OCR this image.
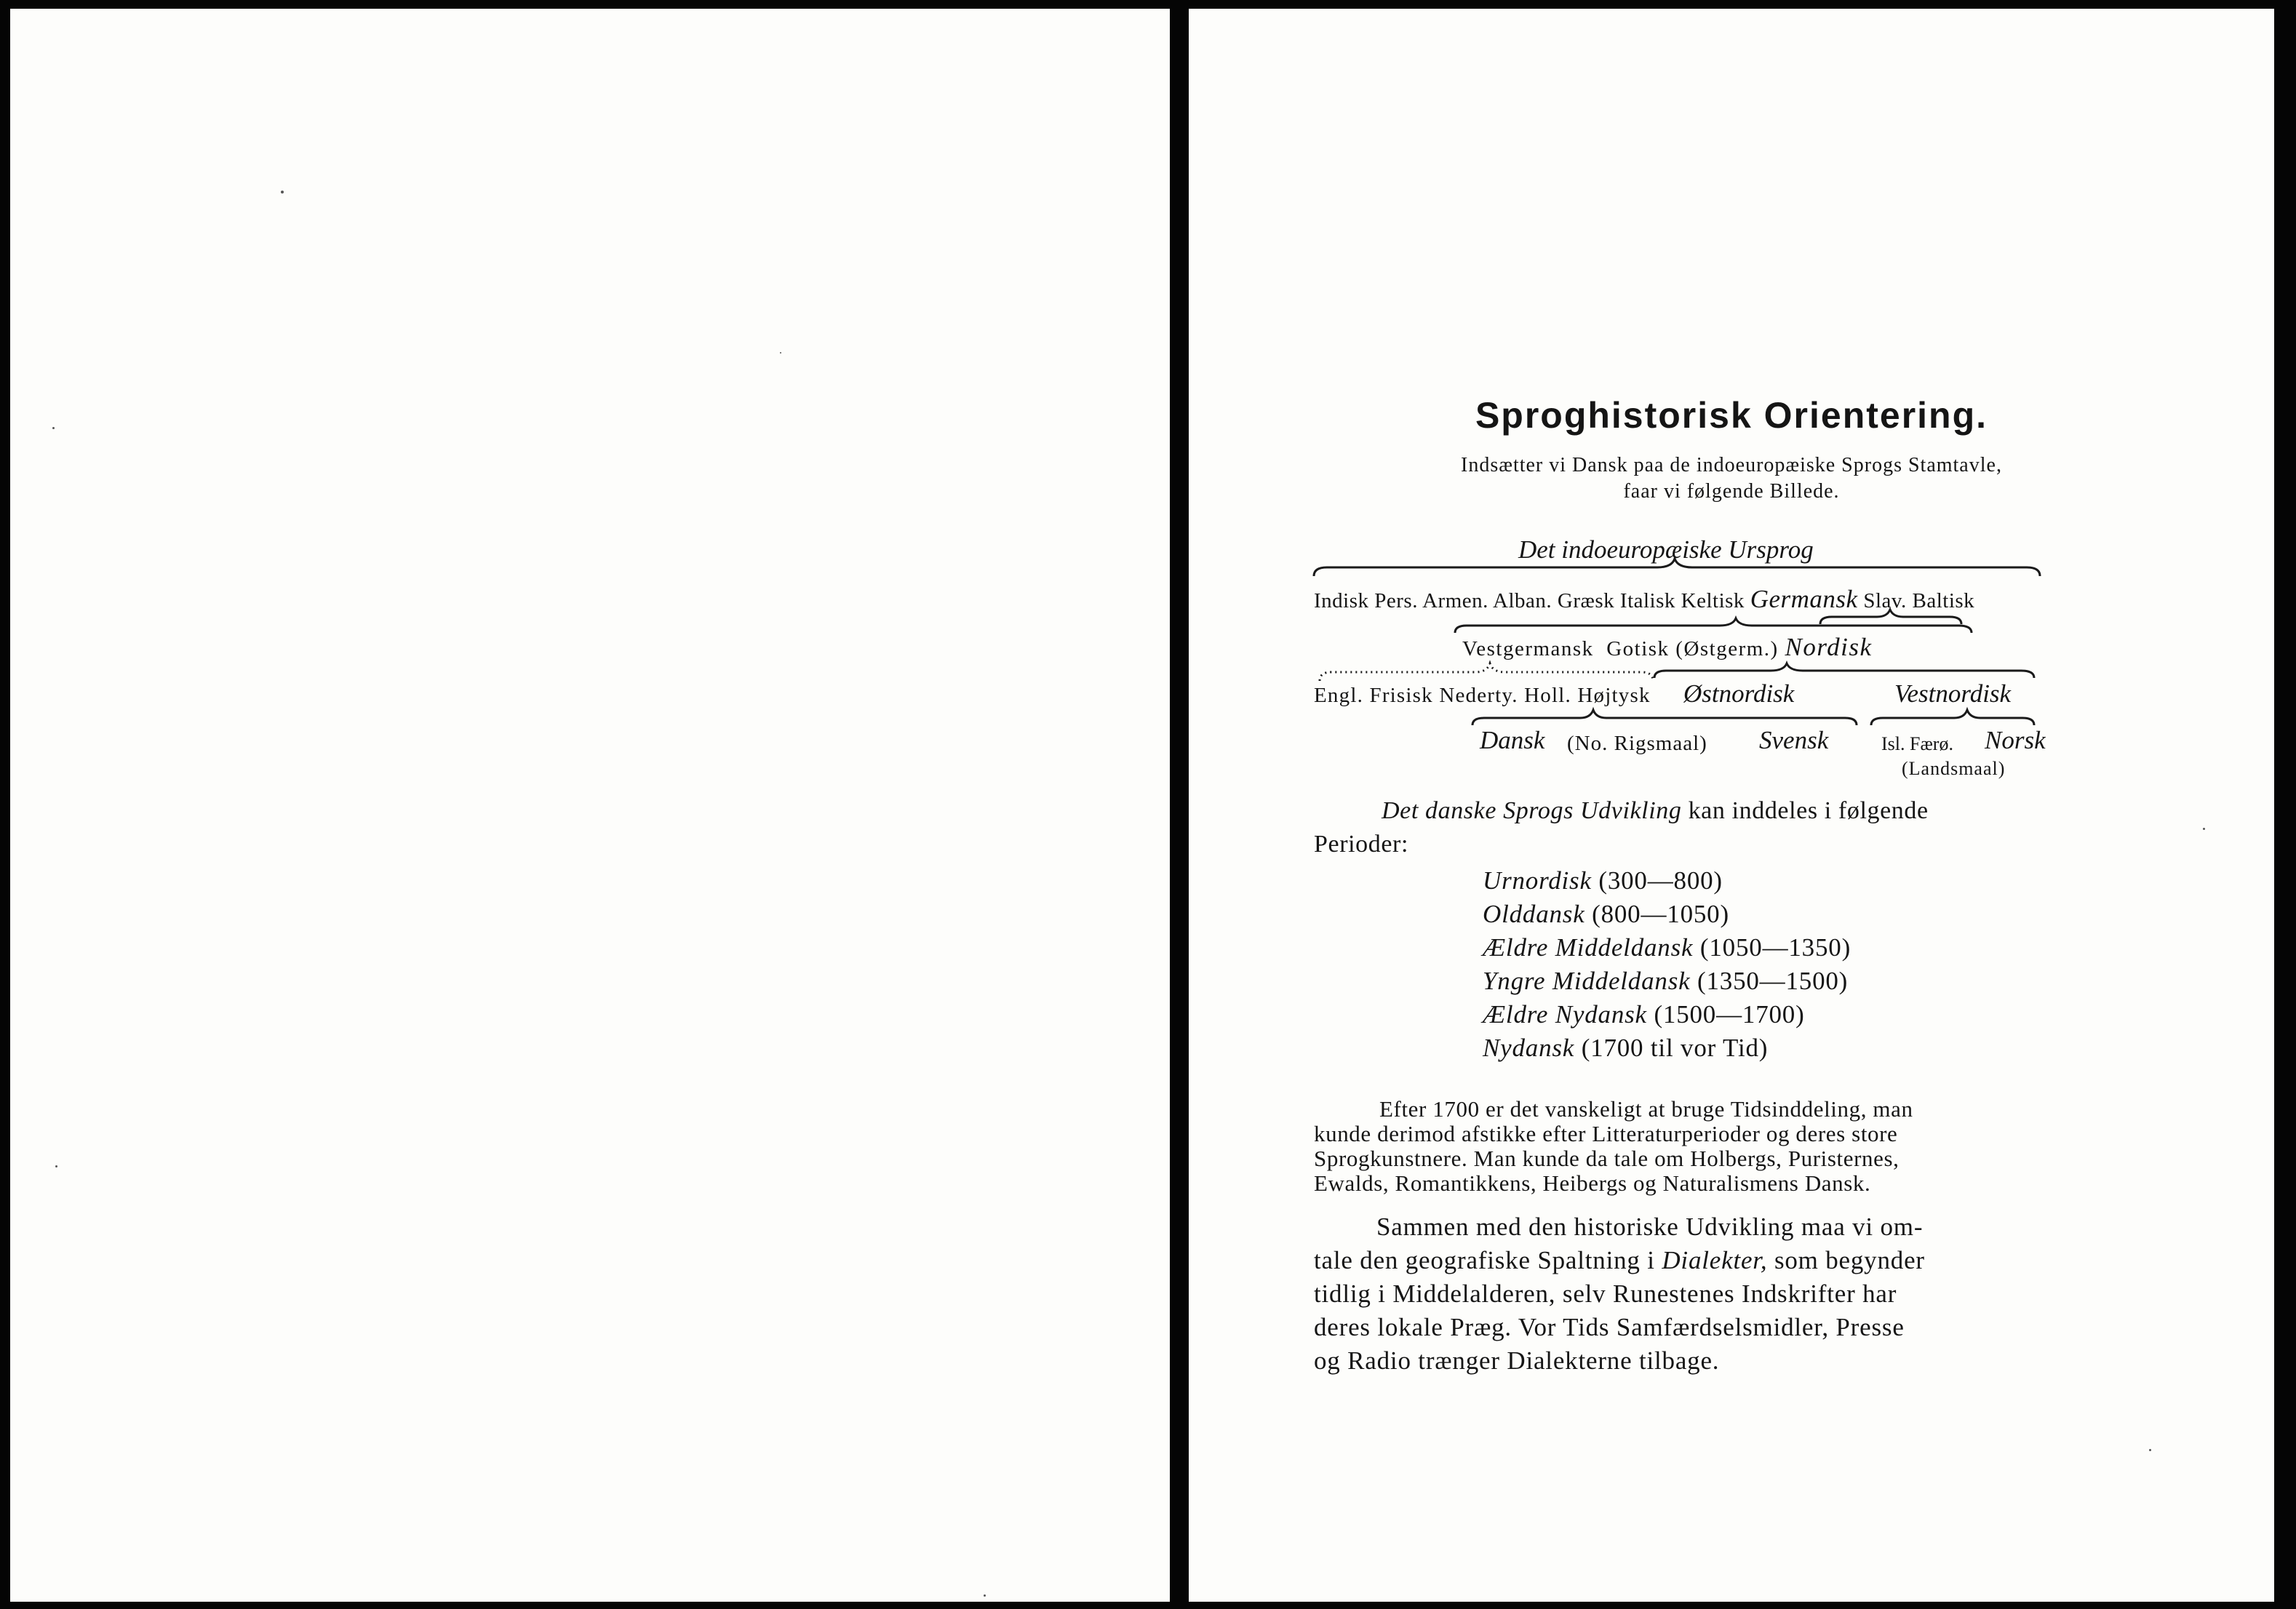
Sproghistorisk Orientering.
Indsætter vi Dansk paa de indoeuropæiske Sprogs Stamtavle,
faar vi følgende Billede.
Det indoeuropæiske Ursprog
Indisk Pers. Armen. Alban. Græsk Italisk Keltisk Germansk Slav. Baltisk
Vestgermansk Gotisk (Østgerm.) Nordisk
Engl. Frisisk Nederty. Holl. Højtysk Østnordisk	Vestnordisk
Dansk (No. Rigsmaal) Svensk	Isl. Færø. Norsk
(Landsmaal)
Det danske Sprogs Udvikling kan inddeles i følgende
Perioder:
Urnordisk (300—800)
Olddansk (800—1050)
Ældre Middeldansk (1050—1350)
Yngre Middeldansk (1350—1500)
Ældre Nydansk (1500—1700)
Nydansk (1700 til vor Tid)
Efter 1700 er det vanskeligt at bruge Tidsinddeling, man
kunde derimod afstikke efter Litteraturperioder og deres store
Sprogkunstnere. Man kunde da tale om Holbergs, Puristernes,
Ewalds, Romantikkens, Heibergs og Naturalismens Dansk.
Sammen med den historiske Udvikling maa vi om-
tale den geografiske Spaltning i Dialekter, som begynder
tidlig i Middelalderen, selv Runestenes Indskrifter har
deres lokale Præg. Vor Tids Samfærdselsmidler, Presse
og Radio trænger Dialekterne tilbage.
